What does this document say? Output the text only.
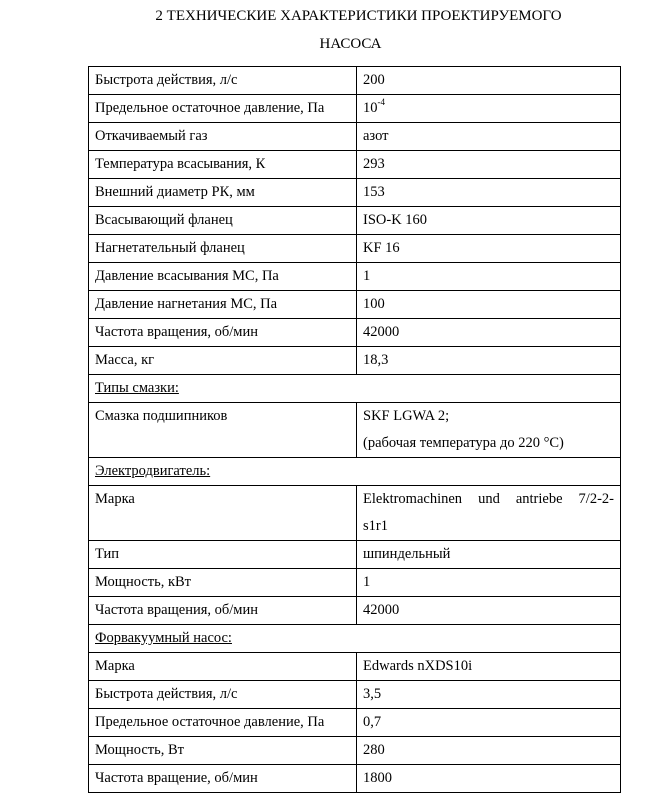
2 ТЕХНИЧЕСКИЕ ХАРАКТЕРИСТИКИ ПРОЕКТИРУЕМОГО
НАСОСА
Быстрота действия, л/с	200
Предельное остаточное давление, Па	$10^{-4}$
Откачиваемый газ	азот
Температура всасывания, К	293
Внешний диаметр РК, мм	153
Всасывающий фланец	ISO-K 160
Нагнетательный фланец	KF 16
Давление всасывания МС, Па	1
Давление нагнетания МС, Па	100
Частота вращения, об/мин	42000
Масса, кг	18,3
Типы смазки:	
Смазка подшипников	SKF LGWA 2;
(рабочая температура до 220 °С)

Электродвигатель:	
Марка	Elektromachinen und antriebe 7/2-2-
s1r1

Тип	шпиндельный
Мощность, кВт	1
Частота вращения, об/мин	42000
Форвакуумный насос:	
Марка	Edwards nXDS10i
Быстрота действия, л/с	3,5
Предельное остаточное давление, Па	0,7
Мощность, Вт	280
Частота вращение, об/мин	1800
